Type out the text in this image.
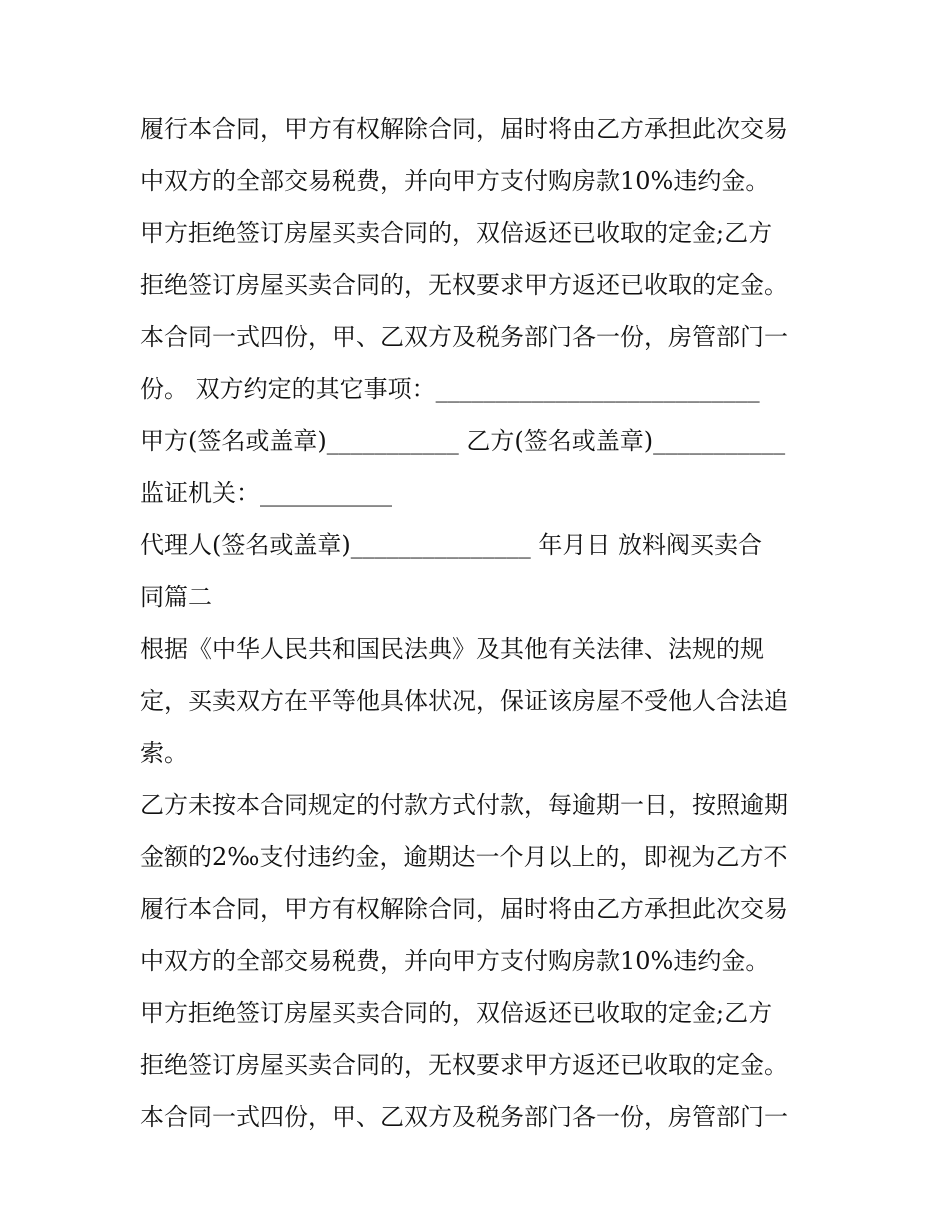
履行本合同，甲方有权解除合同，届时将由乙方承担此次交易
中双方的全部交易税费，并向甲方支付购房款10%违约金。
甲方拒绝签订房屋买卖合同的，双倍返还已收取的定金;乙方
拒绝签订房屋买卖合同的，无权要求甲方返还已收取的定金。
本合同一式四份，甲、乙双方及税务部门各一份，房管部门一
份。 双方约定的其它事项：___________________________
甲方(签名或盖章)___________ 乙方(签名或盖章)___________
监证机关：___________
代理人(签名或盖章)_______________ 年月日 放料阀买卖合
同篇二
根据《中华人民共和国民法典》及其他有关法律、法规的规
定，买卖双方在平等他具体状况，保证该房屋不受他人合法追
索。
乙方未按本合同规定的付款方式付款，每逾期一日，按照逾期
金额的2‰支付违约金，逾期达一个月以上的，即视为乙方不
履行本合同，甲方有权解除合同，届时将由乙方承担此次交易
中双方的全部交易税费，并向甲方支付购房款10%违约金。
甲方拒绝签订房屋买卖合同的，双倍返还已收取的定金;乙方
拒绝签订房屋买卖合同的，无权要求甲方返还已收取的定金。
本合同一式四份，甲、乙双方及税务部门各一份，房管部门一
